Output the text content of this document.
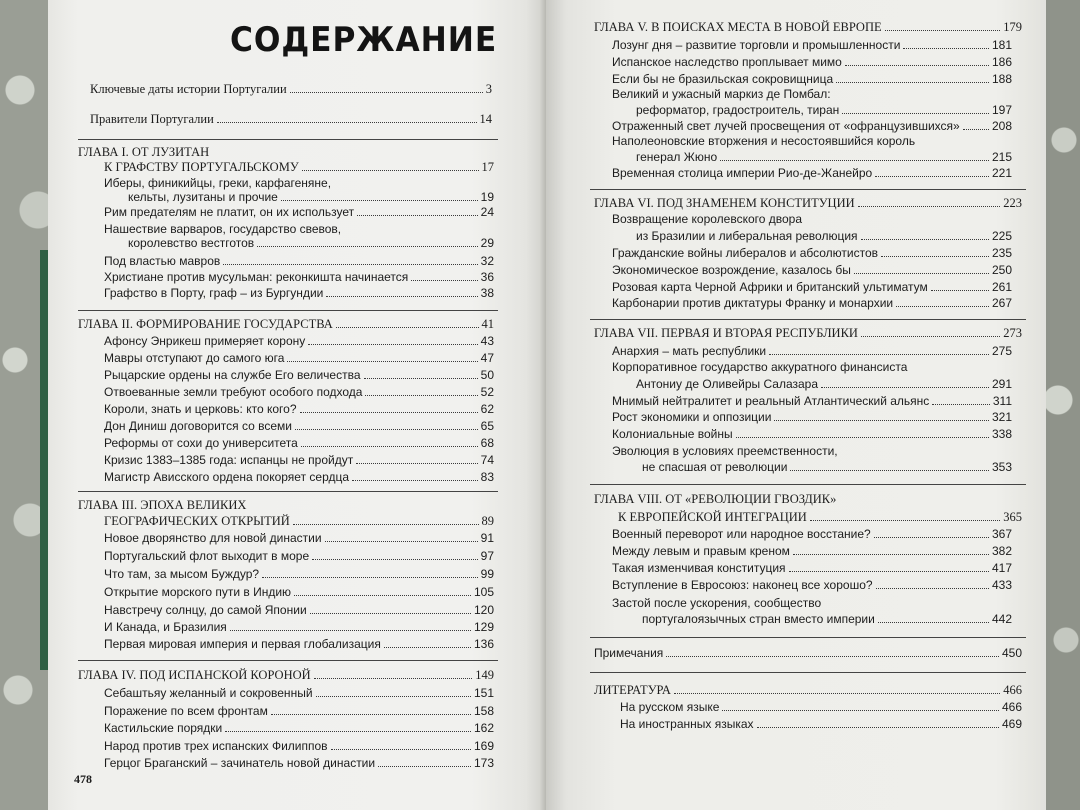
СОДЕРЖАНИЕ
Ключевые даты истории Португалии	3
Правители Португалии	14
ГЛАВА I. ОТ ЛУЗИТАН
К ГРАФСТВУ ПОРТУГАЛЬСКОМУ	17
Иберы, финикийцы, греки, карфагеняне,
кельты, лузитаны и прочие	19
Рим предателям не платит, он их использует	24
Нашествие варваров, государство свевов,
королевство вестготов	29
Под властью мавров	32
Христиане против мусульман: реконкишта начинается	36
Графство в Порту, граф – из Бургундии	38
ГЛАВА II. ФОРМИРОВАНИЕ ГОСУДАРСТВА	41
Афонсу Энрикеш примеряет корону	43
Мавры отступают до самого юга	47
Рыцарские ордены на службе Его величества	50
Отвоеванные земли требуют особого подхода	52
Короли, знать и церковь: кто кого?	62
Дон Диниш договорится со всеми	65
Реформы от сохи до университета	68
Кризис 1383–1385 года: испанцы не пройдут	74
Магистр Ависского ордена покоряет сердца	83
ГЛАВА III. ЭПОХА ВЕЛИКИХ
ГЕОГРАФИЧЕСКИХ ОТКРЫТИЙ	89
Новое дворянство для новой династии	91
Португальский флот выходит в море	97
Что там, за мысом Буждур?	99
Открытие морского пути в Индию	105
Навстречу солнцу, до самой Японии	120
И Канада, и Бразилия	129
Первая мировая империя и первая глобализация	136
ГЛАВА IV. ПОД ИСПАНСКОЙ КОРОНОЙ	149
Себаштьяу желанный и сокровенный	151
Поражение по всем фронтам	158
Кастильские порядки	162
Народ против трех испанских Филиппов	169
Герцог Браганский – зачинатель новой династии	173
478
ГЛАВА V. В ПОИСКАХ МЕСТА В НОВОЙ ЕВРОПЕ	179
Лозунг дня – развитие торговли и промышленности	181
Испанское наследство проплывает мимо	186
Если бы не бразильская сокровищница	188
Великий и ужасный маркиз де Помбал:
реформатор, градостроитель, тиран	197
Отраженный свет лучей просвещения от «офранцузившихся»	208
Наполеоновские вторжения и несостоявшийся король
генерал Жюно	215
Временная столица империи Рио-де-Жанейро	221
ГЛАВА VI. ПОД ЗНАМЕНЕМ КОНСТИТУЦИИ	223
Возвращение королевского двора
из Бразилии и либеральная революция	225
Гражданские войны либералов и абсолютистов	235
Экономическое возрождение, казалось бы	250
Розовая карта Черной Африки и британский ультиматум	261
Карбонарии против диктатуры Франку и монархии	267
ГЛАВА VII. ПЕРВАЯ И ВТОРАЯ РЕСПУБЛИКИ	273
Анархия – мать республики	275
Корпоративное государство аккуратного финансиста
Антониу де Оливейры Салазара	291
Мнимый нейтралитет и реальный Атлантический альянс	311
Рост экономики и оппозиции	321
Колониальные войны	338
Эволюция в условиях преемственности,
не спасшая от революции	353
ГЛАВА VIII. ОТ «РЕВОЛЮЦИИ ГВОЗДИК»
К ЕВРОПЕЙСКОЙ ИНТЕГРАЦИИ	365
Военный переворот или народное восстание?	367
Между левым и правым креном	382
Такая изменчивая конституция	417
Вступление в Евросоюз: наконец все хорошо?	433
Застой после ускорения, сообщество
португалоязычных стран вместо империи	442
Примечания	450
ЛИТЕРАТУРА	466
На русском языке	466
На иностранных языках	469
